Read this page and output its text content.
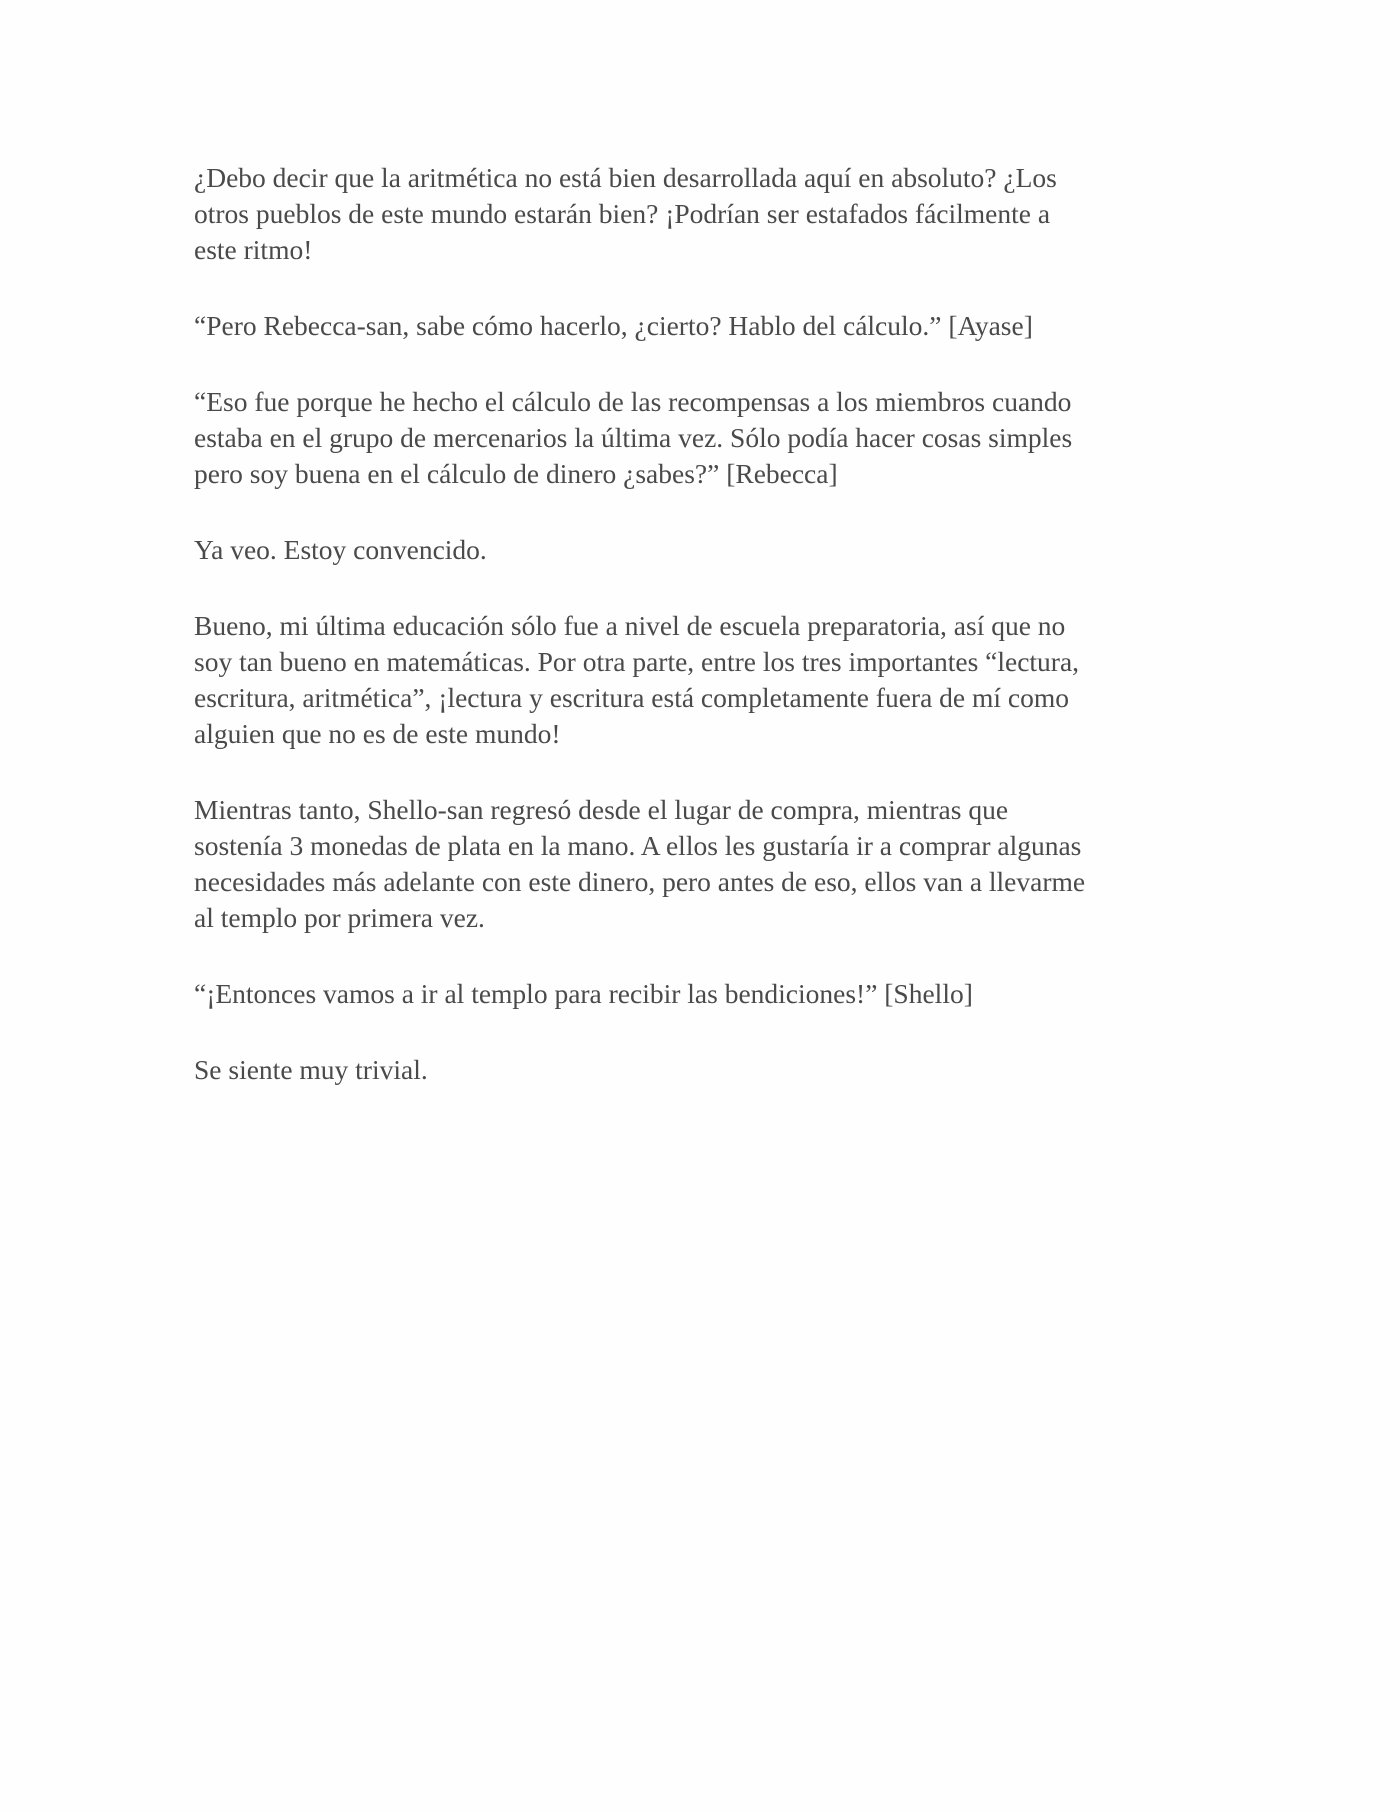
¿Debo decir que la aritmética no está bien desarrollada aquí en absoluto? ¿Los
otros pueblos de este mundo estarán bien? ¡Podrían ser estafados fácilmente a
este ritmo!
“Pero Rebecca-san, sabe cómo hacerlo, ¿cierto? Hablo del cálculo.” [Ayase]
“Eso fue porque he hecho el cálculo de las recompensas a los miembros cuando
estaba en el grupo de mercenarios la última vez. Sólo podía hacer cosas simples
pero soy buena en el cálculo de dinero ¿sabes?” [Rebecca]
Ya veo. Estoy convencido.
Bueno, mi última educación sólo fue a nivel de escuela preparatoria, así que no
soy tan bueno en matemáticas. Por otra parte, entre los tres importantes “lectura,
escritura, aritmética”, ¡lectura y escritura está completamente fuera de mí como
alguien que no es de este mundo!
Mientras tanto, Shello-san regresó desde el lugar de compra, mientras que
sostenía 3 monedas de plata en la mano. A ellos les gustaría ir a comprar algunas
necesidades más adelante con este dinero, pero antes de eso, ellos van a llevarme
al templo por primera vez.
“¡Entonces vamos a ir al templo para recibir las bendiciones!” [Shello]
Se siente muy trivial.
